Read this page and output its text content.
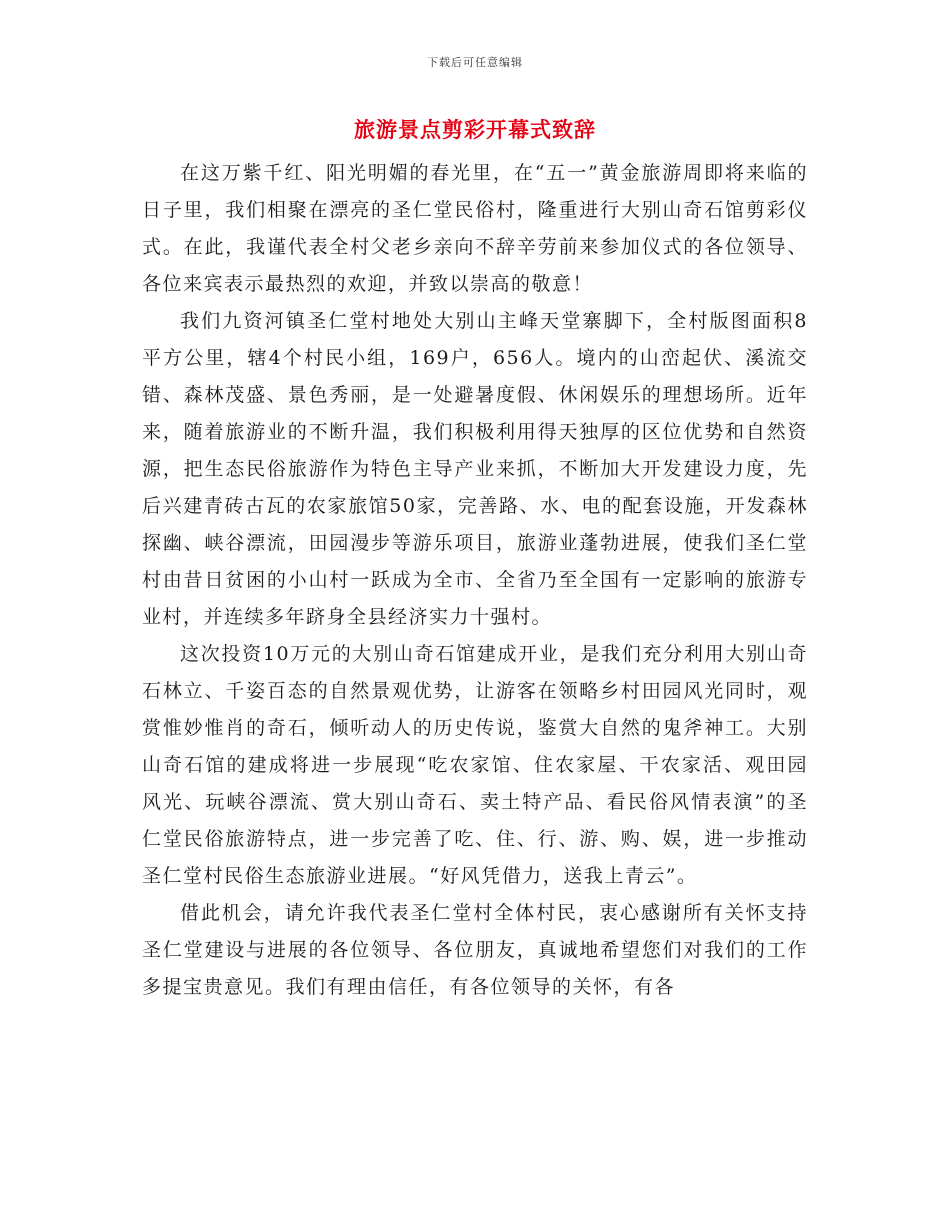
下载后可任意编辑
旅游景点剪彩开幕式致辞

在这万紫千红、阳光明媚的春光里，在“五一”黄金旅游周即将来临的日子里，我们相聚在漂亮的圣仁堂民俗村，隆重进行大别山奇石馆剪彩仪式。在此，我谨代表全村父老乡亲向不辞辛劳前来参加仪式的各位领导、各位来宾表示最热烈的欢迎，并致以崇高的敬意！

我们九资河镇圣仁堂村地处大别山主峰天堂寨脚下，全村版图面积8平方公里，辖4个村民小组，169户，656人。境内的山峦起伏、溪流交错、森林茂盛、景色秀丽，是一处避暑度假、休闲娱乐的理想场所。近年来，随着旅游业的不断升温，我们积极利用得天独厚的区位优势和自然资源，把生态民俗旅游作为特色主导产业来抓，不断加大开发建设力度，先后兴建青砖古瓦的农家旅馆50家，完善路、水、电的配套设施，开发森林探幽、峡谷漂流，田园漫步等游乐项目，旅游业蓬勃进展，使我们圣仁堂村由昔日贫困的小山村一跃成为全市、全省乃至全国有一定影响的旅游专业村，并连续多年跻身全县经济实力十强村。

这次投资10万元的大别山奇石馆建成开业，是我们充分利用大别山奇石林立、千姿百态的自然景观优势，让游客在领略乡村田园风光同时，观赏惟妙惟肖的奇石，倾听动人的历史传说，鉴赏大自然的鬼斧神工。大别山奇石馆的建成将进一步展现“吃农家馆、住农家屋、干农家活、观田园风光、玩峡谷漂流、赏大别山奇石、卖土特产品、看民俗风情表演”的圣仁堂民俗旅游特点，进一步完善了吃、住、行、游、购、娱，进一步推动圣仁堂村民俗生态旅游业进展。“好风凭借力，送我上青云”。

借此机会，请允许我代表圣仁堂村全体村民，衷心感谢所有关怀支持圣仁堂建设与进展的各位领导、各位朋友，真诚地希望您们对我们的工作多提宝贵意见。我们有理由信任，有各位领导的关怀，有各
